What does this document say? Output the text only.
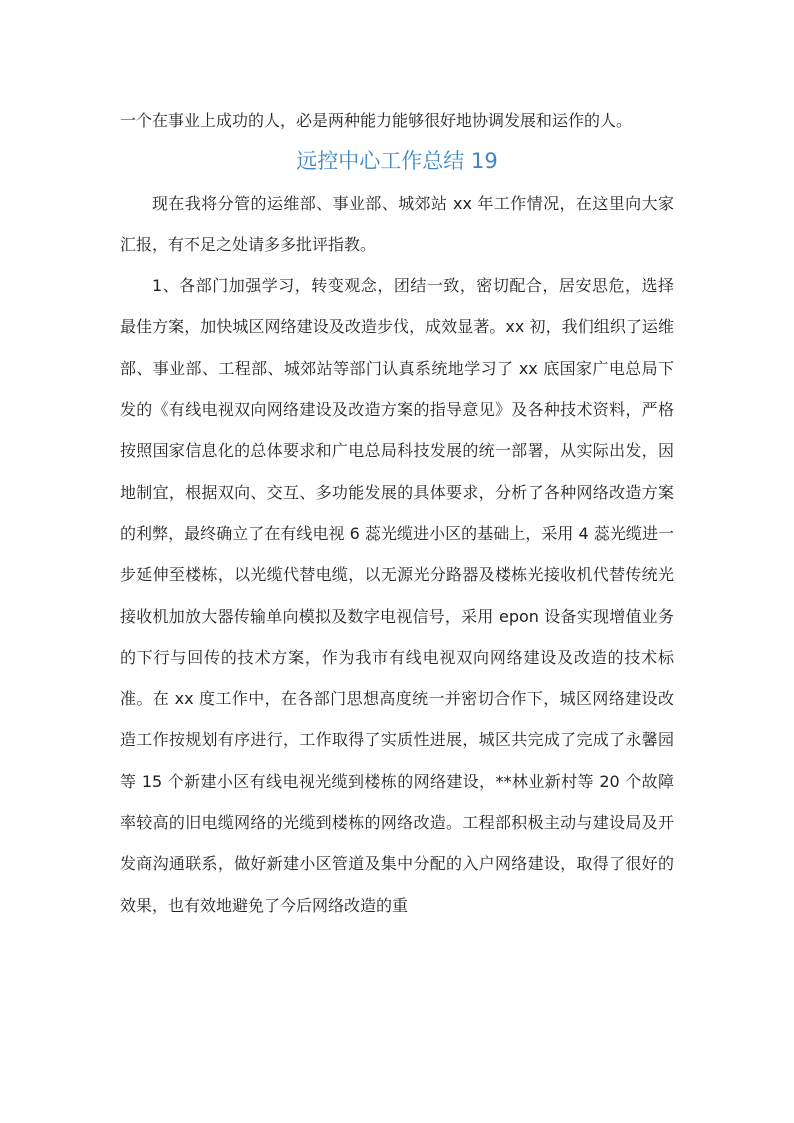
一个在事业上成功的人，必是两种能力能够很好地协调发展和运作的人。

远控中心工作总结 19

现在我将分管的运维部、事业部、城郊站 xx 年工作情况，在这里向大家汇报，有不足之处请多多批评指教。

1、各部门加强学习，转变观念，团结一致，密切配合，居安思危，选择最佳方案，加快城区网络建设及改造步伐，成效显著。xx 初，我们组织了运维部、事业部、工程部、城郊站等部门认真系统地学习了 xx 底国家广电总局下发的《有线电视双向网络建设及改造方案的指导意见》及各种技术资料，严格按照国家信息化的总体要求和广电总局科技发展的统一部署，从实际出发，因地制宜，根据双向、交互、多功能发展的具体要求，分析了各种网络改造方案的利弊，最终确立了在有线电视 6 蕊光缆进小区的基础上，采用 4 蕊光缆进一步延伸至楼栋，以光缆代替电缆，以无源光分路器及楼栋光接收机代替传统光接收机加放大器传输单向模拟及数字电视信号，采用 epon 设备实现增值业务的下行与回传的技术方案，作为我市有线电视双向网络建设及改造的技术标准。在 xx 度工作中，在各部门思想高度统一并密切合作下，城区网络建设改造工作按规划有序进行，工作取得了实质性进展，城区共完成了完成了永馨园等 15 个新建小区有线电视光缆到楼栋的网络建设，**林业新村等 20 个故障率较高的旧电缆网络的光缆到楼栋的网络改造。工程部积极主动与建设局及开发商沟通联系，做好新建小区管道及集中分配的入户网络建设，取得了很好的效果，也有效地避免了今后网络改造的重
